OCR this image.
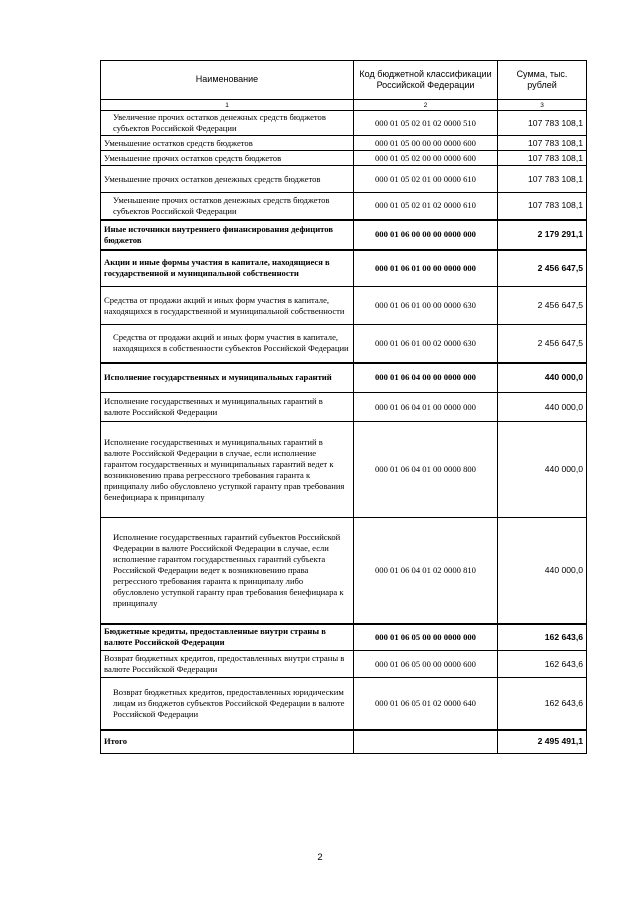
Наименование	Код бюджетной классификации Российской Федерации	Сумма, тыс. рублей
1	2	3
Увеличение прочих остатков денежных средств бюджетов субъектов Российской Федерации	000 01 05 02 01 02 0000 510	107 783 108,1
Уменьшение остатков средств бюджетов	000 01 05 00 00 00 0000 600	107 783 108,1
Уменьшение прочих остатков средств бюджетов	000 01 05 02 00 00 0000 600	107 783 108,1
Уменьшение прочих остатков денежных средств бюджетов	000 01 05 02 01 00 0000 610	107 783 108,1
Уменьшение прочих остатков денежных средств бюджетов субъектов Российской Федерации	000 01 05 02 01 02 0000 610	107 783 108,1
Иные источники внутреннего финансирования дефицитов бюджетов	000 01 06 00 00 00 0000 000	2 179 291,1
Акции и иные формы участия в капитале, находящиеся в государственной и муниципальной собственности	000 01 06 01 00 00 0000 000	2 456 647,5
Средства от продажи акций и иных форм участия в капитале, находящихся в государственной и муниципальной собственности	000 01 06 01 00 00 0000 630	2 456 647,5
Средства от продажи акций и иных форм участия в капитале, находящихся в собственности субъектов Российской Федерации	000 01 06 01 00 02 0000 630	2 456 647,5
Исполнение государственных и муниципальных гарантий	000 01 06 04 00 00 0000 000	440 000,0
Исполнение государственных и муниципальных гарантий в валюте Российской Федерации	000 01 06 04 01 00 0000 000	440 000,0
Исполнение государственных и муниципальных гарантий в валюте Российской Федерации в случае, если исполнение гарантом государственных и муниципальных гарантий ведет к возникновению права регрессного требования гаранта к принципалу либо обусловлено уступкой гаранту прав требования бенефициара к принципалу	000 01 06 04 01 00 0000 800	440 000,0
Исполнение государственных гарантий субъектов Российской Федерации в валюте Российской Федерации в случае, если исполнение гарантом государственных гарантий субъекта Российской Федерации ведет к возникновению права регрессного требования гаранта к принципалу либо обусловлено уступкой гаранту прав требования бенефициара к принципалу	000 01 06 04 01 02 0000 810	440 000,0
Бюджетные кредиты, предоставленные внутри страны в валюте Российской Федерации	000 01 06 05 00 00 0000 000	162 643,6
Возврат бюджетных кредитов, предоставленных внутри страны в валюте Российской Федерации	000 01 06 05 00 00 0000 600	162 643,6
Возврат бюджетных кредитов, предоставленных юридическим лицам из бюджетов субъектов Российской Федерации в валюте Российской Федерации	000 01 06 05 01 02 0000 640	162 643,6
Итого		2 495 491,1
2
